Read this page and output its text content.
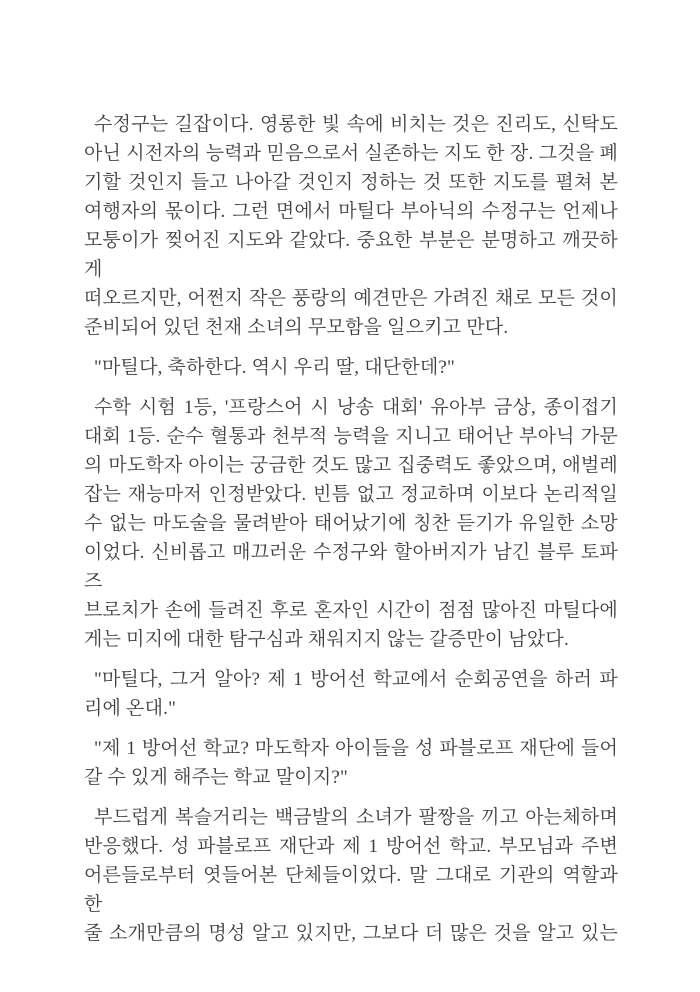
수정구는 길잡이다. 영롱한 빛 속에 비치는 것은 진리도, 신탁도
아닌 시전자의 능력과 믿음으로서 실존하는 지도 한 장. 그것을 폐
기할 것인지 들고 나아갈 것인지 정하는 것 또한 지도를 펼쳐 본
여행자의 몫이다. 그런 면에서 마틸다 부아닉의 수정구는 언제나
모퉁이가 찢어진 지도와 같았다. 중요한 부분은 분명하고 깨끗하게
떠오르지만, 어쩐지 작은 풍랑의 예견만은 가려진 채로 모든 것이
준비되어 있던 천재 소녀의 무모함을 일으키고 만다.
"마틸다, 축하한다. 역시 우리 딸, 대단한데?"
수학 시험 1등, '프랑스어 시 낭송 대회' 유아부 금상, 종이접기
대회 1등. 순수 혈통과 천부적 능력을 지니고 태어난 부아닉 가문
의 마도학자 아이는 궁금한 것도 많고 집중력도 좋았으며, 애벌레
잡는 재능마저 인정받았다. 빈틈 없고 정교하며 이보다 논리적일
수 없는 마도술을 물려받아 태어났기에 칭찬 듣기가 유일한 소망
이었다. 신비롭고 매끄러운 수정구와 할아버지가 남긴 블루 토파즈
브로치가 손에 들려진 후로 혼자인 시간이 점점 많아진 마틸다에
게는 미지에 대한 탐구심과 채워지지 않는 갈증만이 남았다.
"마틸다, 그거 알아? 제 1 방어선 학교에서 순회공연을 하러 파
리에 온대."
"제 1 방어선 학교? 마도학자 아이들을 성 파블로프 재단에 들어
갈 수 있게 해주는 학교 말이지?"
부드럽게 복슬거리는 백금발의 소녀가 팔짱을 끼고 아는체하며
반응했다. 성 파블로프 재단과 제 1 방어선 학교. 부모님과 주변
어른들로부터 엿들어본 단체들이었다. 말 그대로 기관의 역할과 한
줄 소개만큼의 명성 알고 있지만, 그보다 더 많은 것을 알고 있는
